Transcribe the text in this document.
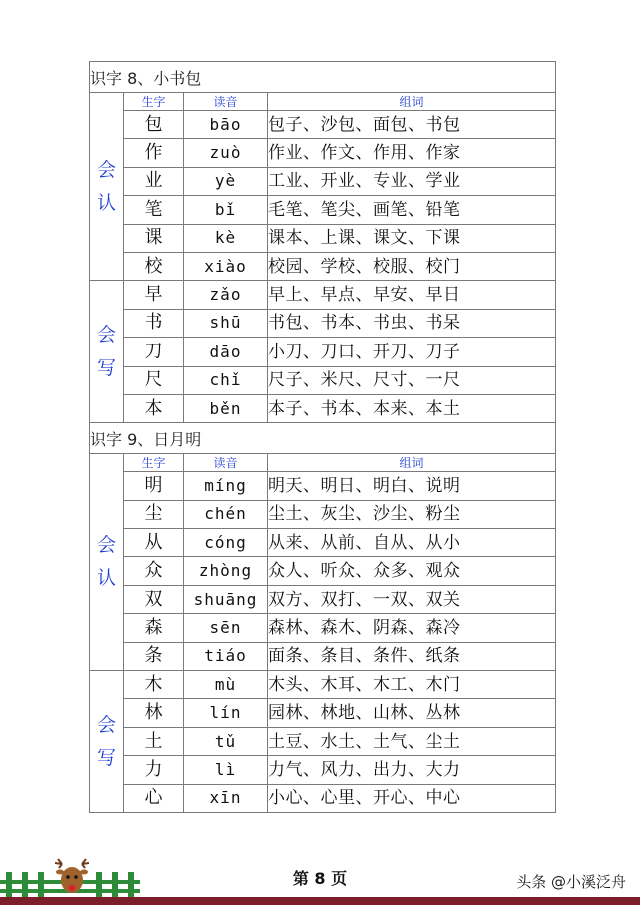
识字 8、小书包			

会
认	生字	读音	组词
	包	bāo	包子、沙包、面包、书包
	作	zuò	作业、作文、作用、作家
	业	yè	工业、开业、专业、学业
	笔	bǐ	毛笔、笔尖、画笔、铅笔
	课	kè	课本、上课、课文、下课
	校	xiào	校园、学校、校服、校门

会
写	早	zǎo	早上、早点、早安、早日
	书	shū	书包、书本、书虫、书呆
	刀	dāo	小刀、刀口、开刀、刀子
	尺	chǐ	尺子、米尺、尺寸、一尺
	本	běn	本子、书本、本来、本土
识字 9、日月明			

会
认	生字	读音	组词
	明	míng	明天、明日、明白、说明
	尘	chén	尘土、灰尘、沙尘、粉尘
	从	cóng	从来、从前、自从、从小
	众	zhòng	众人、听众、众多、观众
	双	shuāng	双方、双打、一双、双关
	森	sēn	森林、森木、阴森、森冷
	条	tiáo	面条、条目、条件、纸条

会
写	木	mù	木头、木耳、木工、木门
	林	lín	园林、林地、山林、丛林
	土	tǔ	土豆、水土、土气、尘土
	力	lì	力气、风力、出力、大力
	心	xīn	小心、心里、开心、中心
第 8 页	头条 @小溪泛舟
